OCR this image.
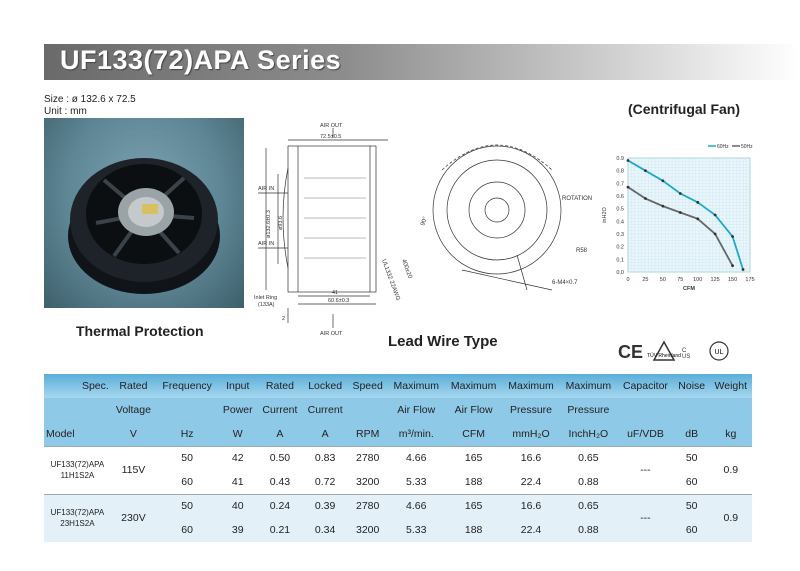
UF133(72)APA Series
Size : ø 132.6 x 72.5
Unit : mm
Thermal Protection
Lead Wire Type
AIR OUT
72.5±0.5
AIR IN
AIR IN
ø132.6±0.3 ø93.6
41
60.6±0.3
Inlet Ring
(133A)
2
AIR OUT
90°
ROTATION
R58
400±20
UL1332 22AWG	6-M4×0.7
(Centrifugal Fan)
0.9
0.8
0.7
0.6
0.5
0.4
0.3
0.2
0.1
0.0
0 25 50 75 100 125 150 175
CFM
inH2O
60Hz 50Hz
CE TÜV Rheinland	UL
C US
Spec.	Rated	Frequency	Input	Rated	Locked	Speed	Maximum	Maximum	Maximum	Maximum	Capacitor	Noise	Weight
	Voltage		Power	Current	Current		Air Flow	Air Flow	Pressure	Pressure			
Model	V	Hz	W	A	A	RPM	m³/min.	CFM	mmH₂O	InchH₂O	uF/VDB	dB	kg

UF133(72)APA
11H1S2A	115V	50	42	0.50	0.83	2780	4.66	165	16.6	0.65	---	50	0.9
		60	41	0.43	0.72	3200	5.33	188	22.4	0.88		60	

UF133(72)APA
23H1S2A	230V	50	40	0.24	0.39	2780	4.66	165	16.6	0.65	---	50	0.9
		60	39	0.21	0.34	3200	5.33	188	22.4	0.88		60	
